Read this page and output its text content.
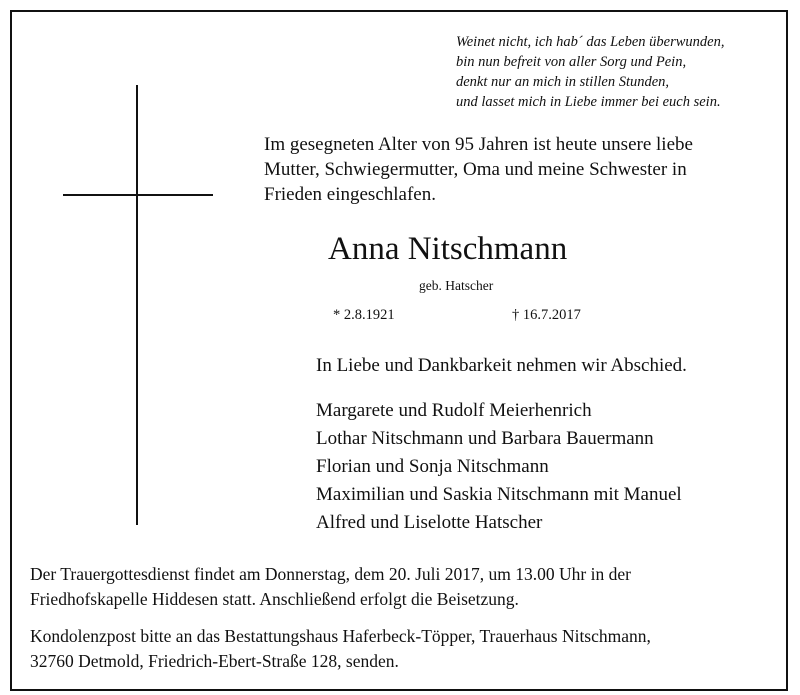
Weinet nicht, ich hab´ das Leben überwunden,
bin nun befreit von aller Sorg und Pein,
denkt nur an mich in stillen Stunden,
und lasset mich in Liebe immer bei euch sein.
Im gesegneten Alter von 95 Jahren ist heute unsere liebe
Mutter, Schwiegermutter, Oma und meine Schwester in
Frieden eingeschlafen.
Anna Nitschmann
geb. Hatscher
* 2.8.1921	† 16.7.2017
In Liebe und Dankbarkeit nehmen wir Abschied.
Margarete und Rudolf Meierhenrich
Lothar Nitschmann und Barbara Bauermann
Florian und Sonja Nitschmann
Maximilian und Saskia Nitschmann mit Manuel
Alfred und Liselotte Hatscher
Der Trauergottesdienst findet am Donnerstag, dem 20. Juli 2017, um 13.00 Uhr in der
Friedhofskapelle Hiddesen statt. Anschließend erfolgt die Beisetzung.
Kondolenzpost bitte an das Bestattungshaus Haferbeck-Töpper, Trauerhaus Nitschmann,
32760 Detmold, Friedrich-Ebert-Straße 128, senden.
